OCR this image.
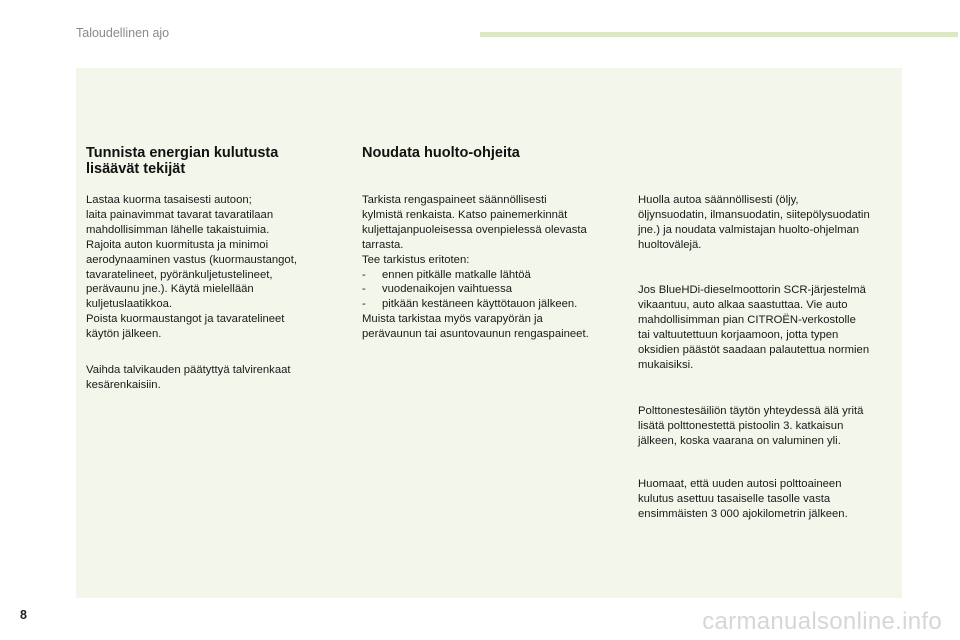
Taloudellinen ajo
Tunnista energian kulutusta
lisäävät tekijät

Lastaa kuorma tasaisesti autoon;

laita painavimmat tavarat tavaratilaan

mahdollisimman lähelle takaistuimia.

Rajoita auton kuormitusta ja minimoi

aerodynaaminen vastus (kuormaustangot,

tavaratelineet, pyöränkuljetustelineet,

perävaunu jne.). Käytä mielellään

kuljetuslaatikkoa.

Poista kuormaustangot ja tavaratelineet

käytön jälkeen.

Vaihda talvikauden päätyttyä talvirenkaat

kesärenkaisiin.

Noudata huolto-ohjeita

Tarkista rengaspaineet säännöllisesti

kylmistä renkaista. Katso painemerkinnät

kuljettajanpuoleisessa ovenpielessä olevasta

tarrasta.

Tee tarkistus eritoten:

-	ennen pitkälle matkalle lähtöä
-	vuodenaikojen vaihtuessa
-	pitkään kestäneen käyttötauon jälkeen.

Muista tarkistaa myös varapyörän ja

perävaunun tai asuntovaunun rengaspaineet.

Huolla autoa säännöllisesti (öljy,

öljynsuodatin, ilmansuodatin, siitepölysuodatin

jne.) ja noudata valmistajan huolto-ohjelman

huoltovälejä.

Jos BlueHDi-dieselmoottorin SCR-järjestelmä

vikaantuu, auto alkaa saastuttaa. Vie auto

mahdollisimman pian CITROËN-verkostolle

tai valtuutettuun korjaamoon, jotta typen

oksidien päästöt saadaan palautettua normien

mukaisiksi.

Polttonestesäiliön täytön yhteydessä älä yritä

lisätä polttonestettä pistoolin 3. katkaisun

jälkeen, koska vaarana on valuminen yli.

Huomaat, että uuden autosi polttoaineen

kulutus asettuu tasaiselle tasolle vasta

ensimmäisten 3 000 ajokilometrin jälkeen.

8	carmanualsonline.info
